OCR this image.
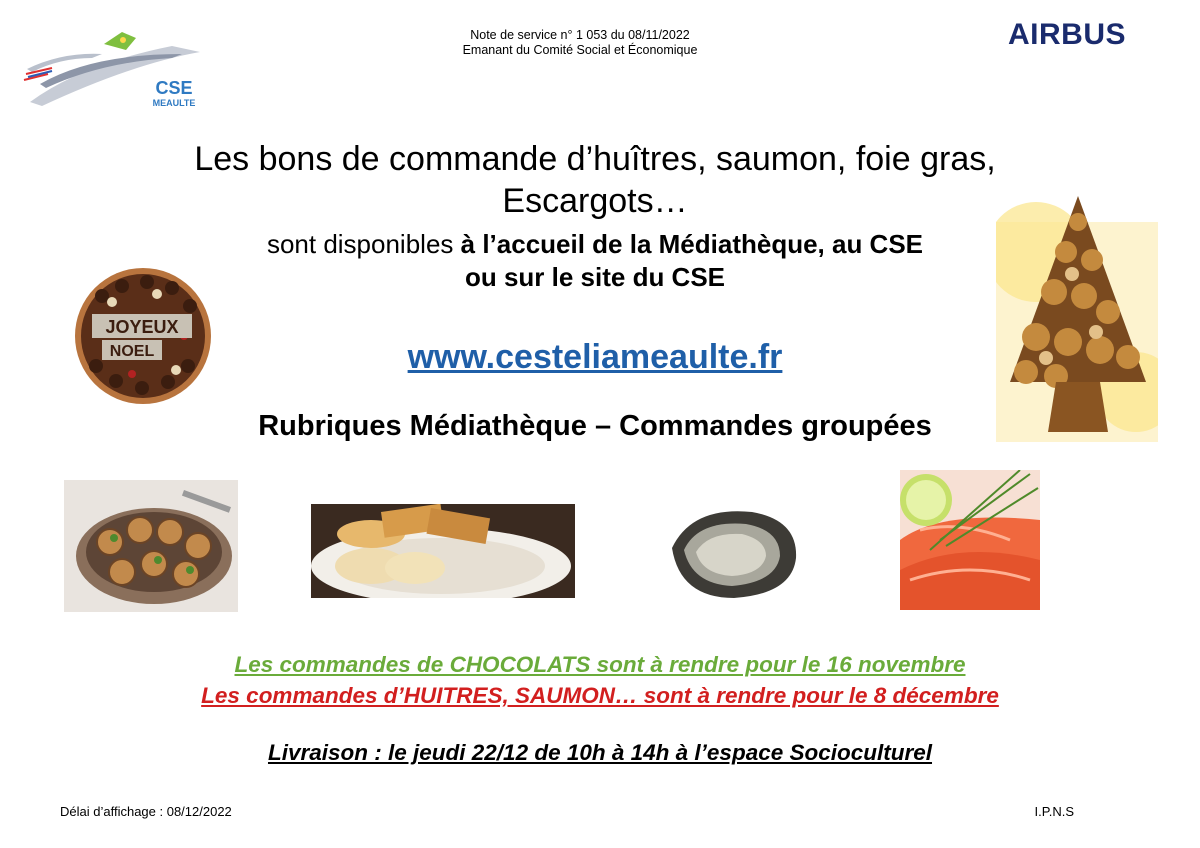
CSE
MEAULTE
Note de service n° 1 053 du 08/11/2022
Emanant du Comité Social et Économique	AIRBUS
Les bons de commande d’huîtres, saumon, foie gras,
Escargots…
sont disponibles à l’accueil de la Médiathèque, au CSE
ou sur le site du CSE
www.cesteliameaulte.fr
Rubriques Médiathèque – Commandes groupées
JOYEUX
NOEL
Les commandes de CHOCOLATS sont à rendre pour le 16 novembre
Les commandes d’HUITRES, SAUMON… sont à rendre pour le 8 décembre
Livraison : le jeudi 22/12 de 10h à 14h à l’espace Socioculturel
Délai d’affichage : 08/12/2022	I.P.N.S
